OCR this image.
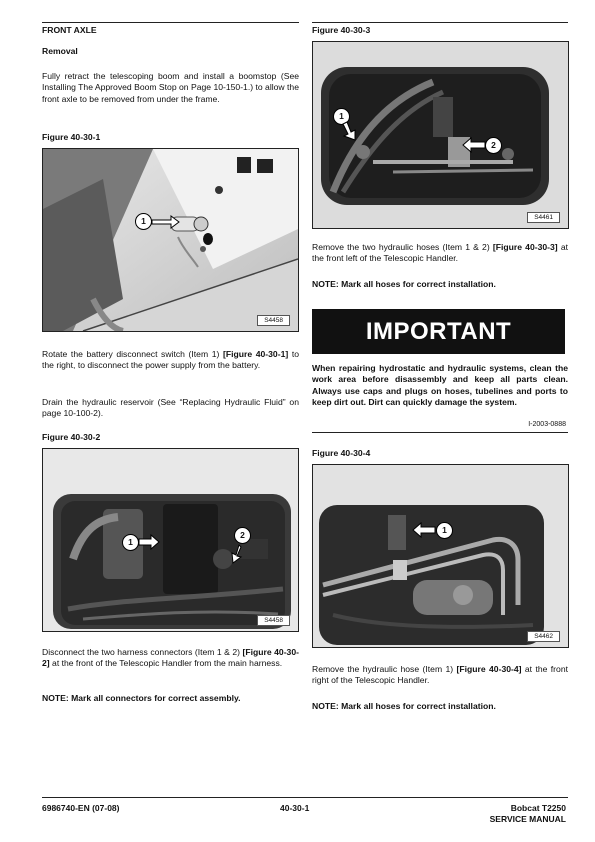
FRONT AXLE
Removal
Fully retract the telescoping boom and install a boomstop (See Installing The Approved Boom Stop on Page 10-150-1.) to allow the front axle to be removed from under the frame.
Figure 40-30-1
1
S4458
Rotate the battery disconnect switch (Item 1) [Figure 40-30-1] to the right, to disconnect the power supply from the battery.
Drain the hydraulic reservoir (See “Replacing Hydraulic Fluid” on page 10-100-2).
Figure 40-30-2
1
2
S4458
Disconnect the two harness connectors (Item 1 & 2) [Figure 40-30-2] at the front of the Telescopic Handler from the main harness.
NOTE: Mark all connectors for correct assembly.
Figure 40-30-3
1
2
S4461
Remove the two hydraulic hoses (Item 1 & 2) [Figure 40-30-3] at the front left of the Telescopic Handler.
NOTE: Mark all hoses for correct installation.
IMPORTANT
When repairing hydrostatic and hydraulic systems, clean the work area before disassembly and keep all parts clean. Always use caps and plugs on hoses, tubelines and ports to keep dirt out. Dirt can quickly damage the system.
I-2003-0888
Figure 40-30-4
1
S4462
Remove the hydraulic hose (Item 1) [Figure 40-30-4] at the front right of the Telescopic Handler.
NOTE: Mark all hoses for correct installation.
6986740-EN (07-08)	40-30-1	Bobcat T2250
SERVICE MANUAL
